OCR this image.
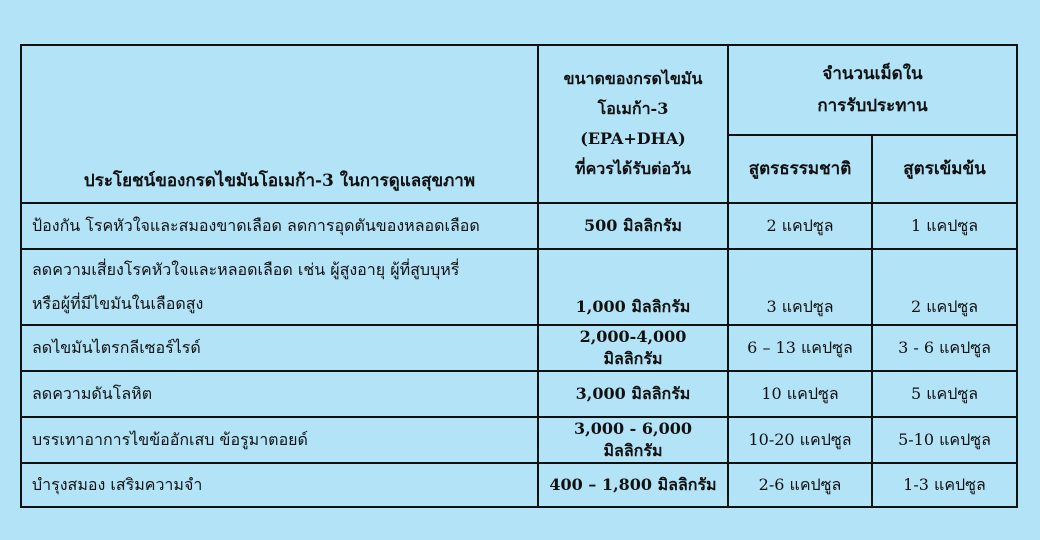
ประโยชน์ของกรดไขมันโอเมก้า-3 ในการดูแลสุขภาพ	ขนาดของกรดไขมัน
โอเมก้า-3
(EPA+DHA)
ที่ควรได้รับต่อวัน	จำนวนเม็ดใน
การรับประทาน	

		สูตรธรรมชาติ	สูตรเข้มข้น
ป้องกัน โรคหัวใจและสมองขาดเลือด ลดการอุดตันของหลอดเลือด	500 มิลลิกรัม	2 แคปซูล	1 แคปซูล

ลดความเสี่ยงโรคหัวใจและหลอดเลือด เช่น ผู้สูงอายุ ผู้ที่สูบบุหรี่
หรือผู้ที่มีไขมันในเลือดสูง	1,000 มิลลิกรัม	3 แคปซูล	2 แคปซูล
ลดไขมันไตรกลีเซอร์ไรด์	2,000-4,000 มิลลิกรัม	6 – 13 แคปซูล	3 - 6 แคปซูล
ลดความดันโลหิต	3,000 มิลลิกรัม	10 แคปซูล	5 แคปซูล
บรรเทาอาการไขข้ออักเสบ ข้อรูมาตอยด์	3,000 - 6,000 มิลลิกรัม	10-20 แคปซูล	5-10 แคปซูล
บำรุงสมอง เสริมความจำ	400 – 1,800 มิลลิกรัม	2-6 แคปซูล	1-3 แคปซูล
